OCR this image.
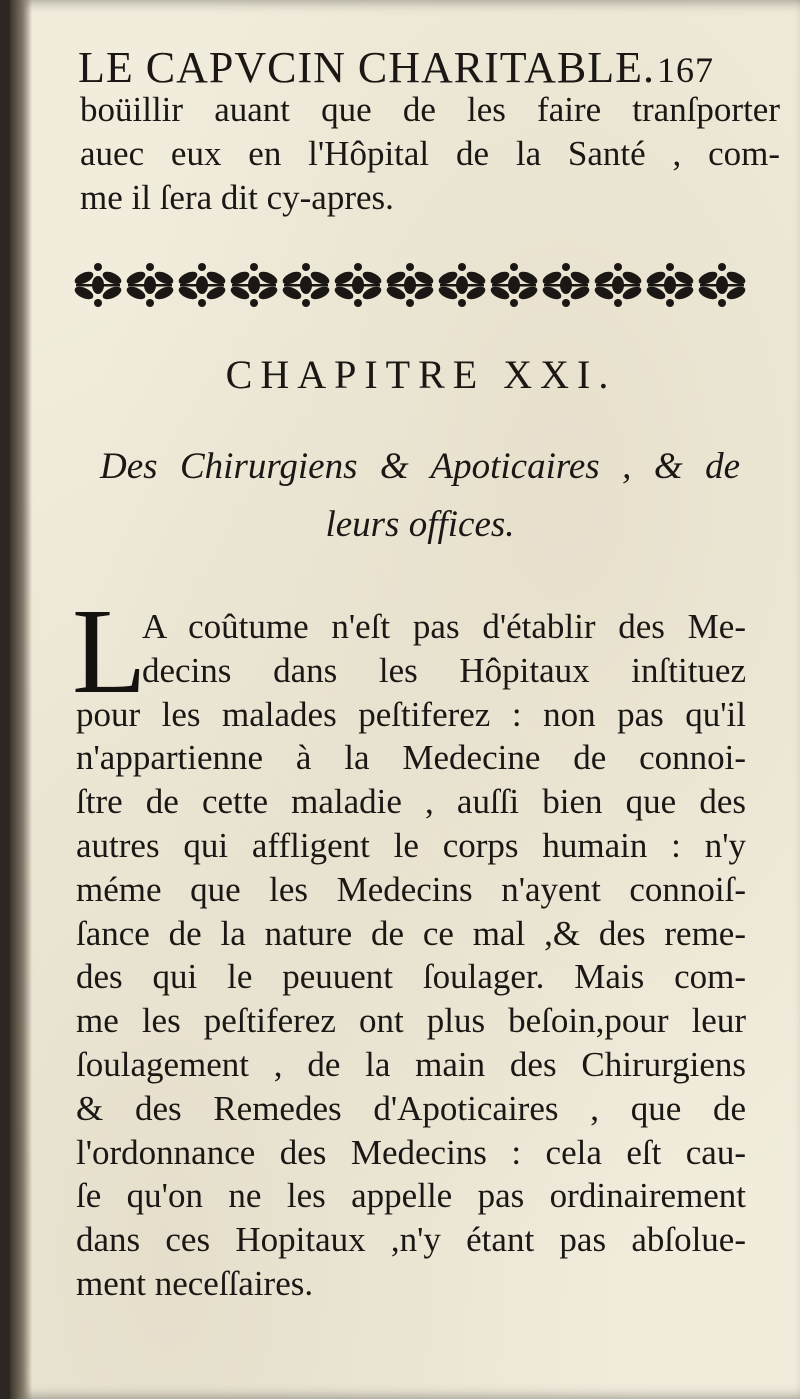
LE CAPVCIN CHARITABLE.167
boüillir auant que de les faire tranſporter
auec eux en l'Hôpital de la Santé , com-
me il ſera dit cy-apres.
CHAPITRE XXI.
Des Chirurgiens & Apoticaires , & de
leurs offices.
L
A coûtume n'eſt pas d'établir des Me-
decins dans les Hôpitaux inſtituez
pour les malades peſtiferez : non pas qu'il
n'appartienne à la Medecine de connoi-
ſtre de cette maladie , auſſi bien que des
autres qui affligent le corps humain : n'y
méme que les Medecins n'ayent connoiſ-
ſance de la nature de ce mal ,& des reme-
des qui le peuuent ſoulager. Mais com-
me les peſtiferez ont plus beſoin,pour leur
ſoulagement , de la main des Chirurgiens
& des Remedes d'Apoticaires , que de
l'ordonnance des Medecins : cela eſt cau-
ſe qu'on ne les appelle pas ordinairement
dans ces Hopitaux ,n'y étant pas abſolue-
ment neceſſaires.
